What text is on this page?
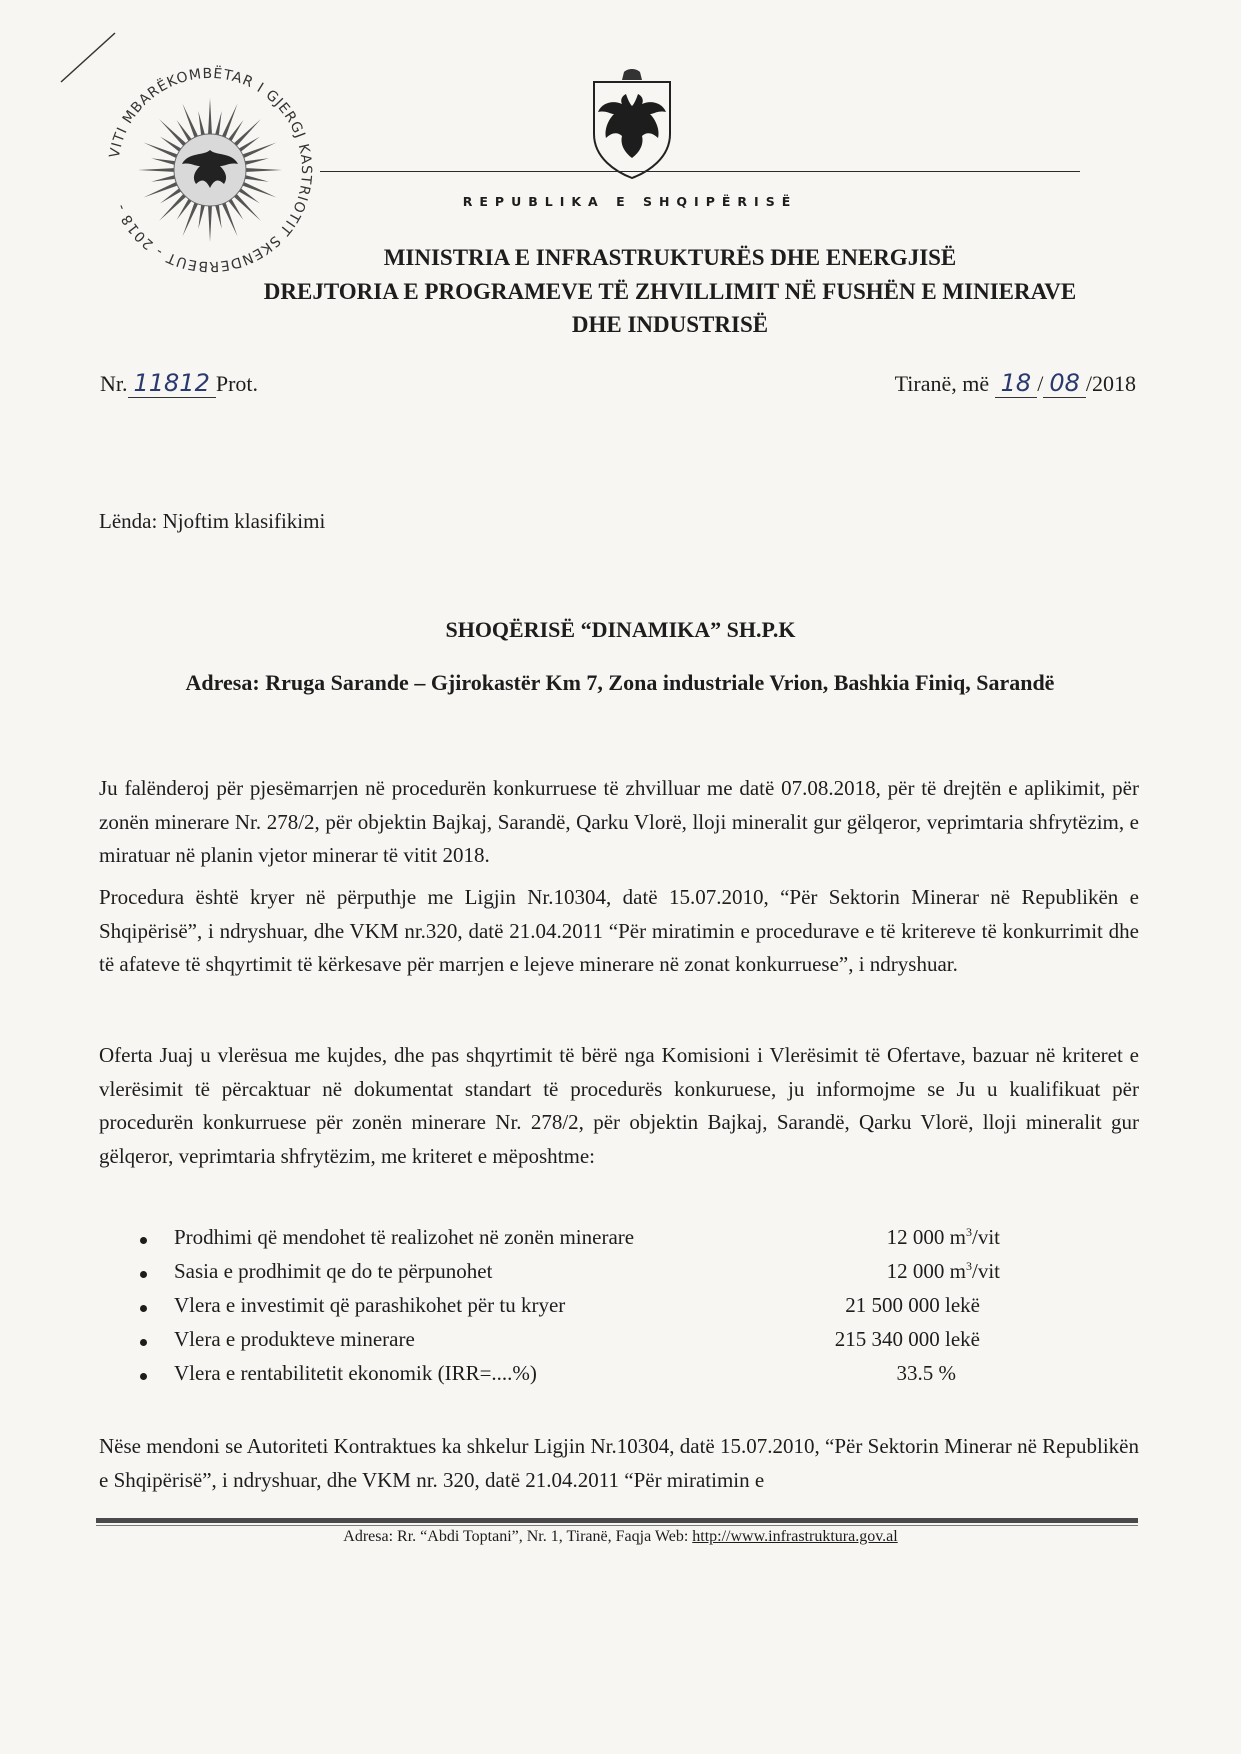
VITI MBARËKOMBËTAR I GJERGJ KASTRIOTIT SKENDERBEUT - 2018 -	REPUBLIKA E SHQIPËRISË
MINISTRIA E INFRASTRUKTURËS DHE ENERGJISË
DREJTORIA E PROGRAMEVE TË ZHVILLIMIT NË FUSHËN E MINIERAVE
DHE INDUSTRISË
Nr. 11812 Prot.	Tiranë, më 18 / 08 /2018
Lënda: Njoftim klasifikimi
SHOQËRISË “DINAMIKA” SH.P.K
Adresa: Rruga Sarande – Gjirokastër Km 7, Zona industriale Vrion, Bashkia Finiq, Sarandë

Ju falënderoj për pjesëmarrjen në procedurën konkurruese të zhvilluar me datë 07.08.2018, për të drejtën e aplikimit, për zonën minerare Nr. 278/2, për objektin Bajkaj, Sarandë, Qarku Vlorë, lloji mineralit gur gëlqeror, veprimtaria shfrytëzim, e miratuar në planin vjetor minerar të vitit 2018.

Procedura është kryer në përputhje me Ligjin Nr.10304, datë 15.07.2010, “Për Sektorin Minerar në Republikën e Shqipërisë”, i ndryshuar, dhe VKM nr.320, datë 21.04.2011 “Për miratimin e procedurave e të kritereve të konkurrimit dhe të afateve të shqyrtimit të kërkesave për marrjen e lejeve minerare në zonat konkurruese”, i ndryshuar.

Oferta Juaj u vlerësua me kujdes, dhe pas shqyrtimit të bërë nga Komisioni i Vlerësimit të Ofertave, bazuar në kriteret e vlerësimit të përcaktuar në dokumentat standart të procedurës konkuruese, ju informojme se Ju u kualifikuat për procedurën konkurruese për zonën minerare Nr. 278/2, për objektin Bajkaj, Sarandë, Qarku Vlorë, lloji mineralit gur gëlqeror, veprimtaria shfrytëzim, me kriteret e mëposhtme:

Prodhimi që mendohet të realizohet në zonën minerare	12 000 $m^3$/vit
Sasia e prodhimit qe do te përpunohet	12 000 $m^3$/vit
Vlera e investimit që parashikohet për tu kryer	21 500 000 lekë
Vlera e produkteve minerare	215 340 000 lekë
Vlera e rentabilitetit ekonomik (IRR=....%)	33.5 %

Nëse mendoni se Autoriteti Kontraktues ka shkelur Ligjin Nr.10304, datë 15.07.2010, “Për Sektorin Minerar në Republikën e Shqipërisë”, i ndryshuar, dhe VKM nr. 320, datë 21.04.2011 “Për miratimin e

Adresa: Rr. “Abdi Toptani”, Nr. 1, Tiranë, Faqja Web: http://www.infrastruktura.gov.al
